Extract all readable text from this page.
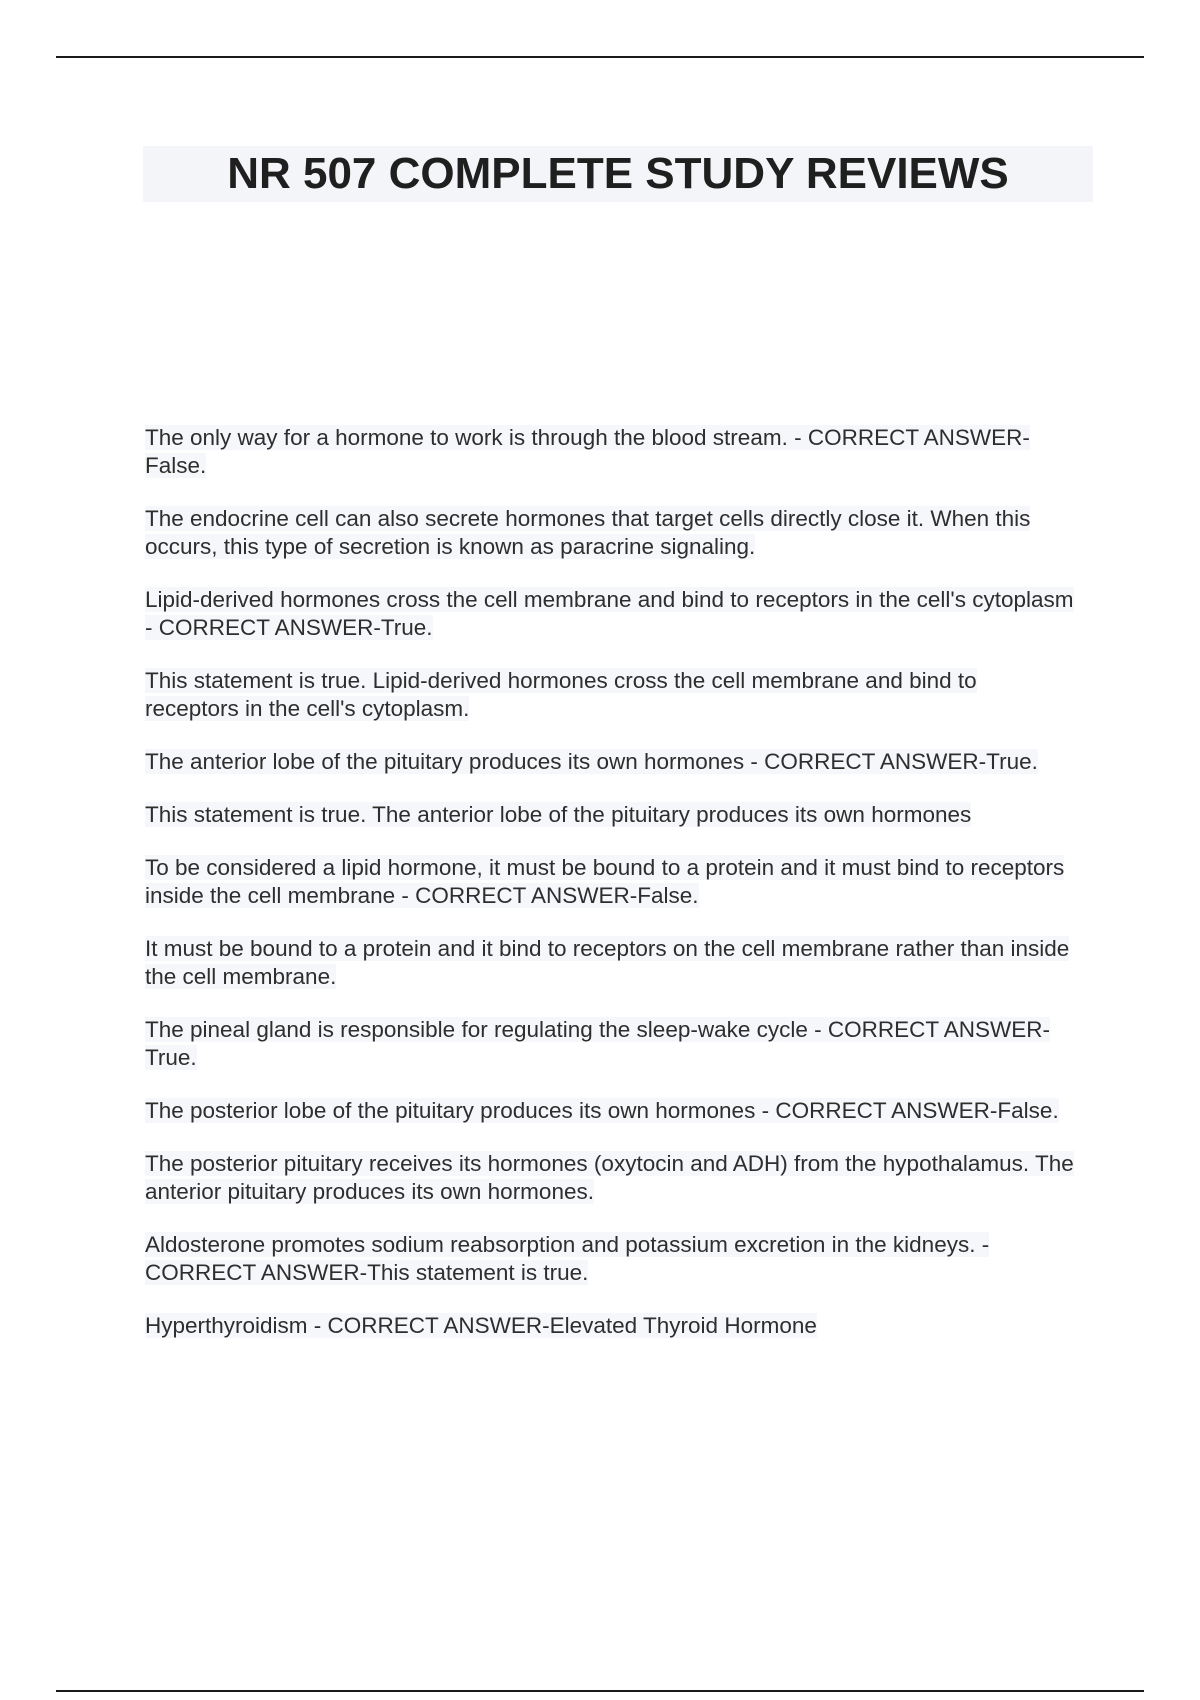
NR 507 COMPLETE STUDY REVIEWS

The only way for a hormone to work is through the blood stream. - CORRECT ANSWER-False.

The endocrine cell can also secrete hormones that target cells directly close it. When this occurs, this type of secretion is known as paracrine signaling.

Lipid-derived hormones cross the cell membrane and bind to receptors in the cell's cytoplasm - CORRECT ANSWER-True.

This statement is true. Lipid-derived hormones cross the cell membrane and bind to receptors in the cell's cytoplasm.

The anterior lobe of the pituitary produces its own hormones - CORRECT ANSWER-True.

This statement is true. The anterior lobe of the pituitary produces its own hormones

To be considered a lipid hormone, it must be bound to a protein and it must bind to receptors inside the cell membrane - CORRECT ANSWER-False.

It must be bound to a protein and it bind to receptors on the cell membrane rather than inside the cell membrane.

The pineal gland is responsible for regulating the sleep-wake cycle - CORRECT ANSWER-True.

The posterior lobe of the pituitary produces its own hormones - CORRECT ANSWER-False.

The posterior pituitary receives its hormones (oxytocin and ADH) from the hypothalamus. The anterior pituitary produces its own hormones.

Aldosterone promotes sodium reabsorption and potassium excretion in the kidneys. - CORRECT ANSWER-This statement is true.

Hyperthyroidism - CORRECT ANSWER-Elevated Thyroid Hormone
